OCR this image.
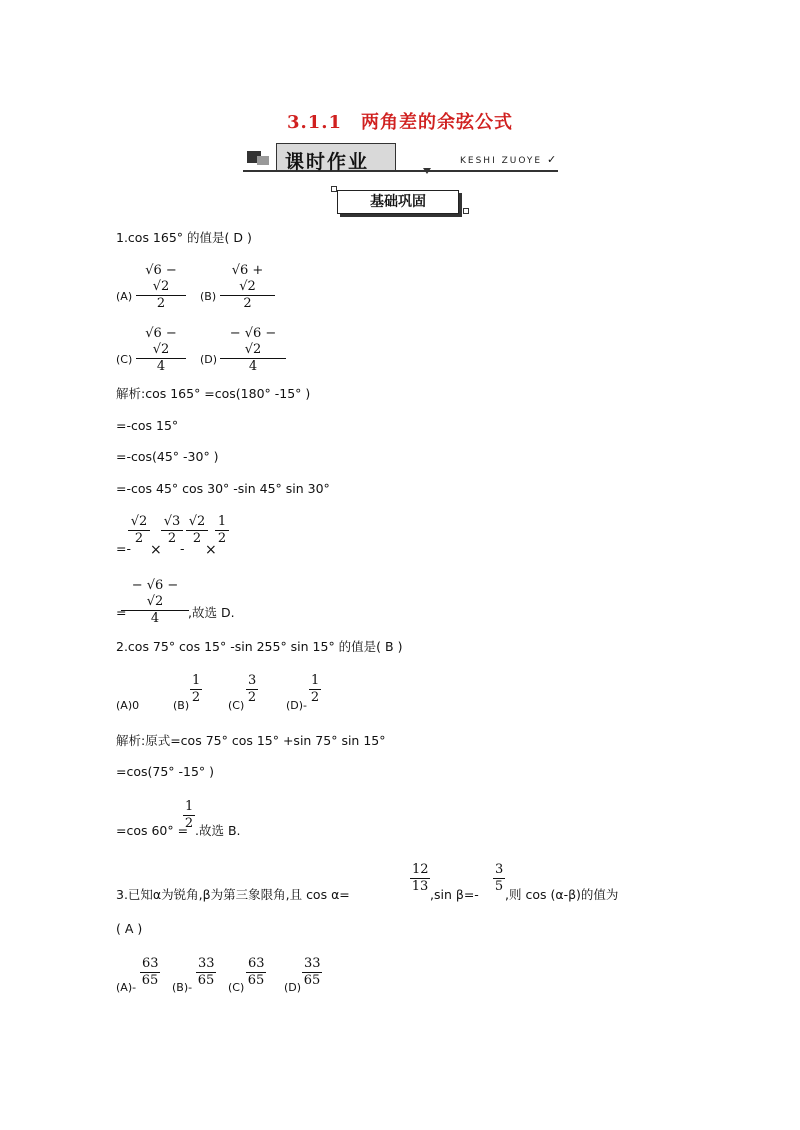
3.1.1　两角差的余弦公式
课时作业	KESHI ZUOYE ✓
基础巩固
1.cos 165° 的值是( D )
(A)
√6 − √2
2	(B)
√6 + √2
2
(C)
√6 − √2
4	(D)
− √6 − √2
4
解析:cos 165° =cos(180° -15° )
=-cos 15°
=-cos(45° -30° )
=-cos 45° cos 30° -sin 45° sin 30°
=-
√2
2
×
√3
2
-
√2
2
×
1
2
=
− √6 − √2
4	,故选 D.
2.cos 75° cos 15° -sin 255° sin 15° 的值是( B )
(A)0	(B)
1
2
(C)
3
2
(D)-
1
2
解析:原式=cos 75° cos 15° +sin 75° sin 15°
=cos(75° -15° )
=cos 60° =
1
2 .故选 B.
3.已知α为锐角,β为第三象限角,且 cos α=
12
13
,sin β=-
3
5
,则 cos (α-β)的值为
( A )
(A)-
63
65 (B)-
33
65 (C)
63
65 (D)
33
65
